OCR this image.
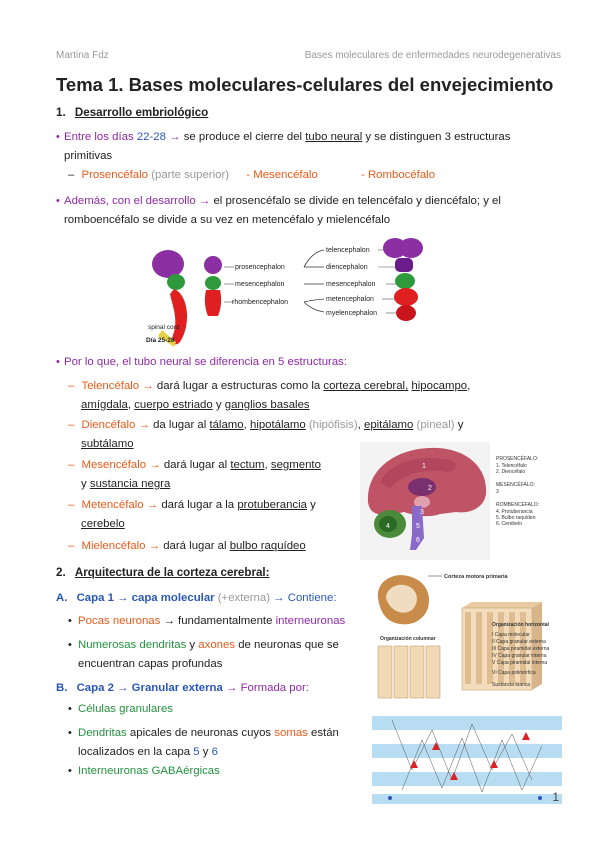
Martina Fdz	Bases moleculares de enfermedades neurodegenerativas
Tema 1. Bases moleculares-celulares del envejecimiento
1. Desarrollo embriológico
• Entre los días 22-28 → se produce el cierre del tubo neural y se distinguen 3 estructuras
primitivas
– Prosencéfalo (parte superior) - Mesencéfalo	- Rombocéfalo
• Además, con el desarrollo → el prosencéfalo se divide en telencéfalo y diencéfalo; y el
romboencéfalo se divide a su vez en metencéfalo y mielencéfalo
spinal cord
Día 25-28
prosencephalon
mesencephalon
rhombencephalon
telencephalon
diencephalon
mesencephalon
metencephalon
myelencephalon
• Por lo que, el tubo neural se diferencia en 5 estructuras:
– Telencéfalo → dará lugar a estructuras como la corteza cerebral, hipocampo,
amígdala, cuerpo estriado y ganglios basales
– Diencéfalo → da lugar al tálamo, hipotálamo (hipófisis), epitálamo (pineal) y
subtálamo
– Mesencéfalo → dará lugar al tectum, segmento
y sustancia negra
– Metencéfalo → dará lugar a la protuberancia y
cerebelo
– Mielencéfalo → dará lugar al bulbo raquídeo
1
2
3
4	5
6
PROSENCÉFALO:
1. Telencéfalo
2. Diencéfalo
MESENCÉFALO:
3
ROMBENCÉFALO:
4. Protuberancia
5. Bulbo raquídeo
6. Cerebelo
2. Arquitectura de la corteza cerebral:
A. Capa 1 → capa molecular (+externa) → Contiene:
• Pocas neuronas → fundamentalmente interneuronas
• Numerosas dendritas y axones de neuronas que se
encuentran capas profundas
B. Capa 2 → Granular externa → Formada por:
• Células granulares
• Dendritas apicales de neuronas cuyos somas están
localizados en la capa 5 y 6
• Interneuronas GABAérgicas
Corteza motora primaria
Organización columnar
Organización horizontal
I Capa molecular
II Capa granular externa
III Capa piramidal externa
IV Capa granular interna
V Capa piramidal interna
VI Capa polimórfica
Sustancia blanca
1
